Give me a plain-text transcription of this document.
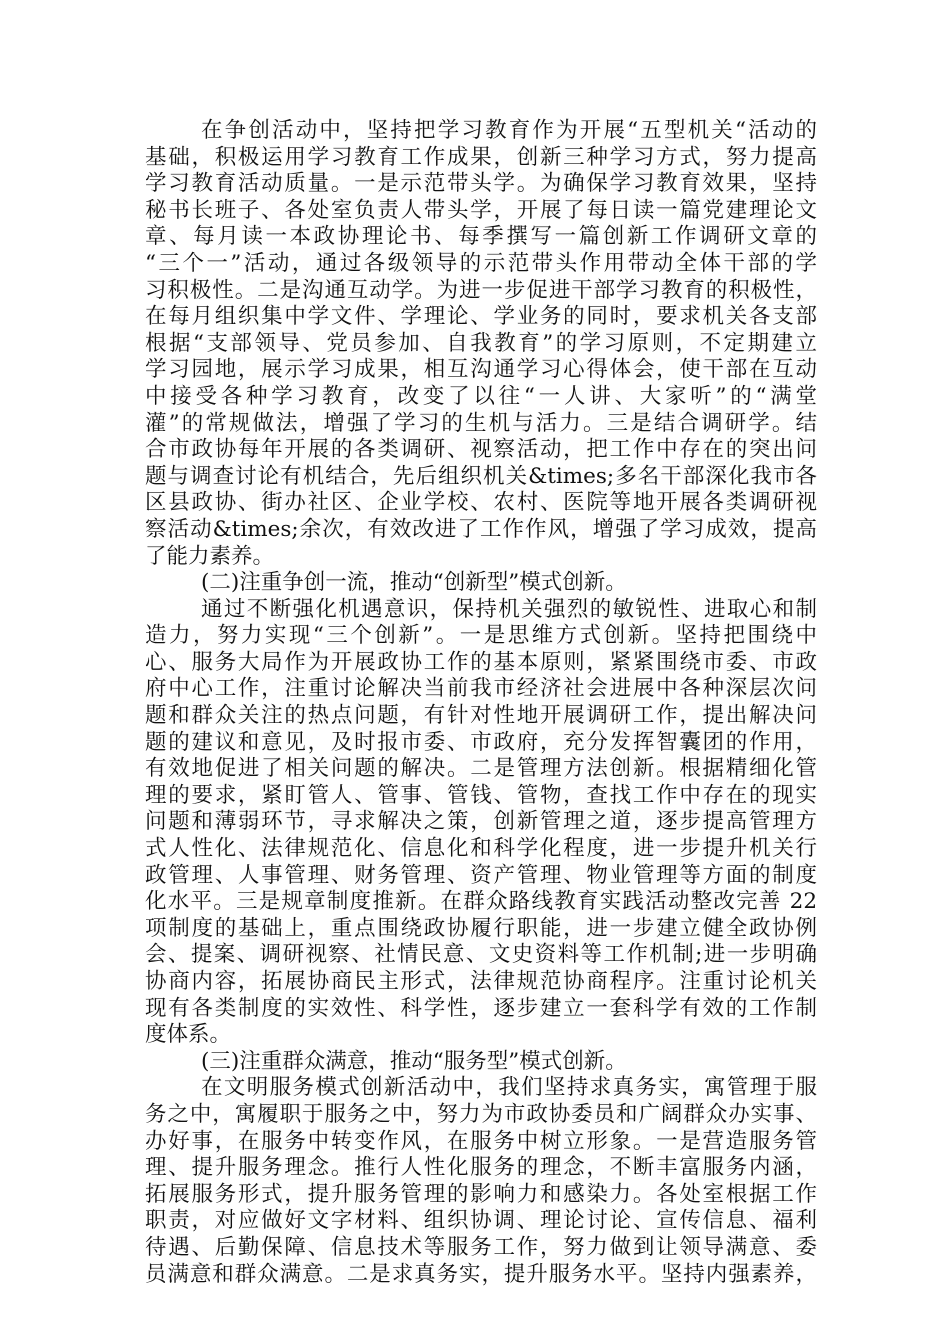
在争创活动中，坚持把学习教育作为开展“五型机关“活动的
基础，积极运用学习教育工作成果，创新三种学习方式，努力提高
学习教育活动质量。一是示范带头学。为确保学习教育效果，坚持
秘书长班子、各处室负责人带头学，开展了每日读一篇党建理论文
章、每月读一本政协理论书、每季撰写一篇创新工作调研文章的
“三个一”活动，通过各级领导的示范带头作用带动全体干部的学
习积极性。二是沟通互动学。为进一步促进干部学习教育的积极性，
在每月组织集中学文件、学理论、学业务的同时，要求机关各支部
根据“支部领导、党员参加、自我教育”的学习原则，不定期建立
学习园地，展示学习成果，相互沟通学习心得体会，使干部在互动
中接受各种学习教育，改变了以往“一人讲、大家听”的“满堂
灌”的常规做法，增强了学习的生机与活力。三是结合调研学。结
合市政协每年开展的各类调研、视察活动，把工作中存在的突出问
题与调查讨论有机结合，先后组织机关&times;多名干部深化我市各
区县政协、街办社区、企业学校、农村、医院等地开展各类调研视
察活动&times;余次，有效改进了工作作风，增强了学习成效，提高
了能力素养。
(二)注重争创一流，推动“创新型”模式创新。
通过不断强化机遇意识，保持机关强烈的敏锐性、进取心和制
造力，努力实现“三个创新”。一是思维方式创新。坚持把围绕中
心、服务大局作为开展政协工作的基本原则，紧紧围绕市委、市政
府中心工作，注重讨论解决当前我市经济社会进展中各种深层次问
题和群众关注的热点问题，有针对性地开展调研工作，提出解决问
题的建议和意见，及时报市委、市政府，充分发挥智囊团的作用，
有效地促进了相关问题的解决。二是管理方法创新。根据精细化管
理的要求，紧盯管人、管事、管钱、管物，查找工作中存在的现实
问题和薄弱环节，寻求解决之策，创新管理之道，逐步提高管理方
式人性化、法律规范化、信息化和科学化程度，进一步提升机关行
政管理、人事管理、财务管理、资产管理、物业管理等方面的制度
化水平。三是规章制度推新。在群众路线教育实践活动整改完善 22
项制度的基础上，重点围绕政协履行职能，进一步建立健全政协例
会、提案、调研视察、社情民意、文史资料等工作机制;进一步明确
协商内容，拓展协商民主形式，法律规范协商程序。注重讨论机关
现有各类制度的实效性、科学性，逐步建立一套科学有效的工作制
度体系。
(三)注重群众满意，推动“服务型”模式创新。
在文明服务模式创新活动中，我们坚持求真务实，寓管理于服
务之中，寓履职于服务之中，努力为市政协委员和广阔群众办实事、
办好事，在服务中转变作风，在服务中树立形象。一是营造服务管
理、提升服务理念。推行人性化服务的理念，不断丰富服务内涵，
拓展服务形式，提升服务管理的影响力和感染力。各处室根据工作
职责，对应做好文字材料、组织协调、理论讨论、宣传信息、福利
待遇、后勤保障、信息技术等服务工作，努力做到让领导满意、委
员满意和群众满意。二是求真务实，提升服务水平。坚持内强素养，
